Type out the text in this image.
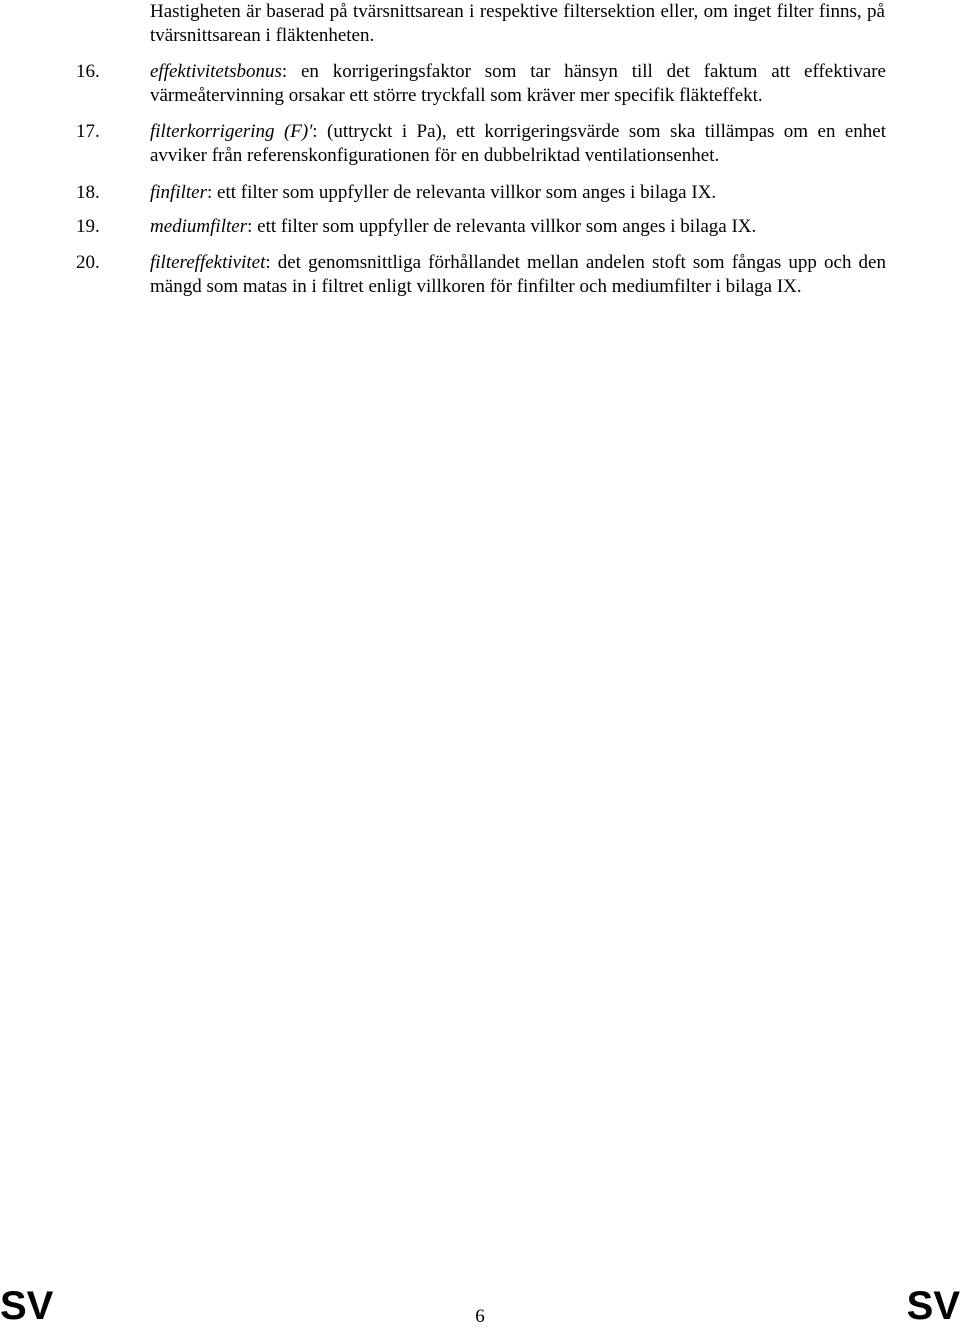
Hastigheten är baserad på tvärsnittsarean i respektive filtersektion eller, om inget filter finns, på tvärsnittsarean i fläktenheten.

16.	effektivitetsbonus: en korrigeringsfaktor som tar hänsyn till det faktum att effektivare värmeåtervinning orsakar ett större tryckfall som kräver mer specifik fläkteffekt.
17.	filterkorrigering (F)': (uttryckt i Pa), ett korrigeringsvärde som ska tillämpas om en enhet avviker från referenskonfigurationen för en dubbelriktad ventilationsenhet.
18.	finfilter: ett filter som uppfyller de relevanta villkor som anges i bilaga IX.
19.	mediumfilter: ett filter som uppfyller de relevanta villkor som anges i bilaga IX.
20.	filtereffektivitet: det genomsnittliga förhållandet mellan andelen stoft som fångas upp och den mängd som matas in i filtret enligt villkoren för finfilter och mediumfilter i bilaga IX.
SV	6	SV
